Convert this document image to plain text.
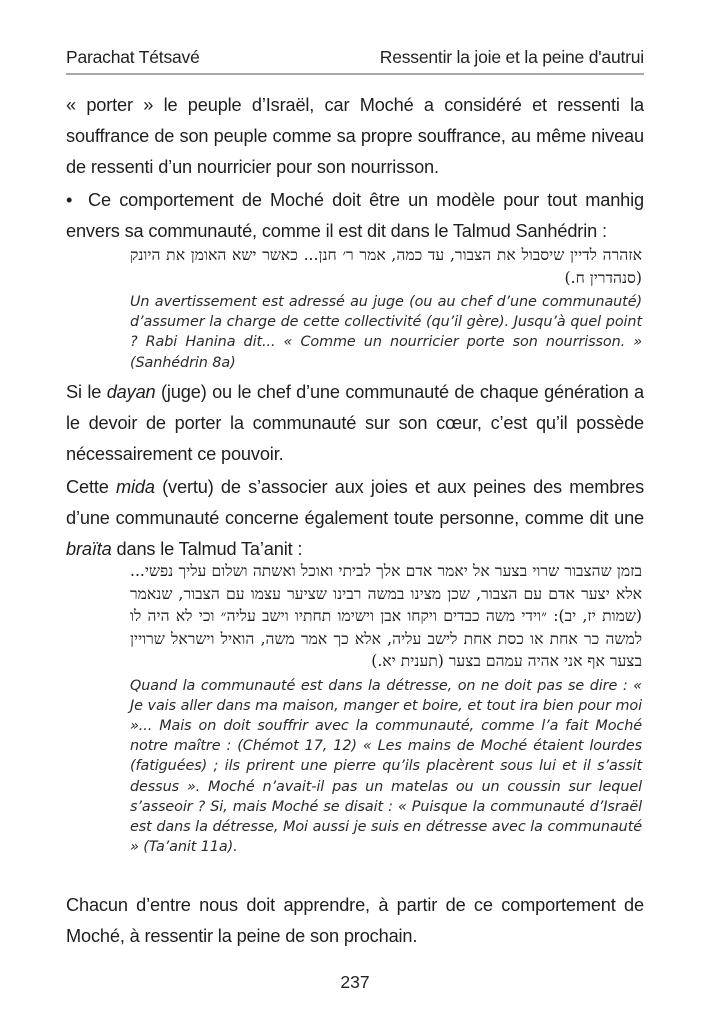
Parachat Tétsavé	Ressentir la joie et la peine d'autrui

« porter » le peuple d’Israël, car Moché a considéré et ressenti la souffrance de son peuple comme sa propre souffrance, au même niveau de ressenti d’un nourricier pour son nourrisson.

• Ce comportement de Moché doit être un modèle pour tout manhig envers sa communauté, comme il est dit dans le Talmud Sanhédrin :

אזהרה לדיין שיסבול את הצבור, עד כמה, אמר ר׳ חנן... כאשר ישא האומן את היונק (סנהדרין ח.)

Un avertissement est adressé au juge (ou au chef d’une communauté) d’assumer la charge de cette collectivité (qu’il gère). Jusqu’à quel point ? Rabi Hanina dit... « Comme un nourricier porte son nourrisson. » (Sanhédrin 8a)

Si le dayan (juge) ou le chef d’une communauté de chaque génération a le devoir de porter la communauté sur son cœur, c’est qu’il possède nécessairement ce pouvoir.

Cette mida (vertu) de s’associer aux joies et aux peines des membres d’une communauté concerne également toute personne, comme dit une braïta dans le Talmud Ta’anit :

בזמן שהצבור שרוי בצער אל יאמר אדם אלך לביתי ואוכל ואשתה ושלום עליך נפשי... אלא יצער אדם עם הצבור, שכן מצינו במשה רבינו שציער עצמו עם הצבור, שנאמר (שמות יז, יב): ״וידי משה כבדים ויקחו אבן וישימו תחתיו וישב עליה״ וכי לא היה לו למשה כר אחת או כסת אחת לישב עליה, אלא כך אמר משה, הואיל וישראל שרויין בצער אף אני אהיה עמהם בצער (תענית יא.)

Quand la communauté est dans la détresse, on ne doit pas se dire : « Je vais aller dans ma maison, manger et boire, et tout ira bien pour moi »... Mais on doit souffrir avec la communauté, comme l’a fait Moché notre maître : (Chémot 17, 12) « Les mains de Moché étaient lourdes (fatiguées) ; ils prirent une pierre qu’ils placèrent sous lui et il s’assit dessus ». Moché n’avait-il pas un matelas ou un coussin sur lequel s’asseoir ? Si, mais Moché se disait : « Puisque la communauté d’Israël est dans la détresse, Moi aussi je suis en détresse avec la communauté » (Ta’anit 11a).

Chacun d’entre nous doit apprendre, à partir de ce comportement de Moché, à ressentir la peine de son prochain.

237
